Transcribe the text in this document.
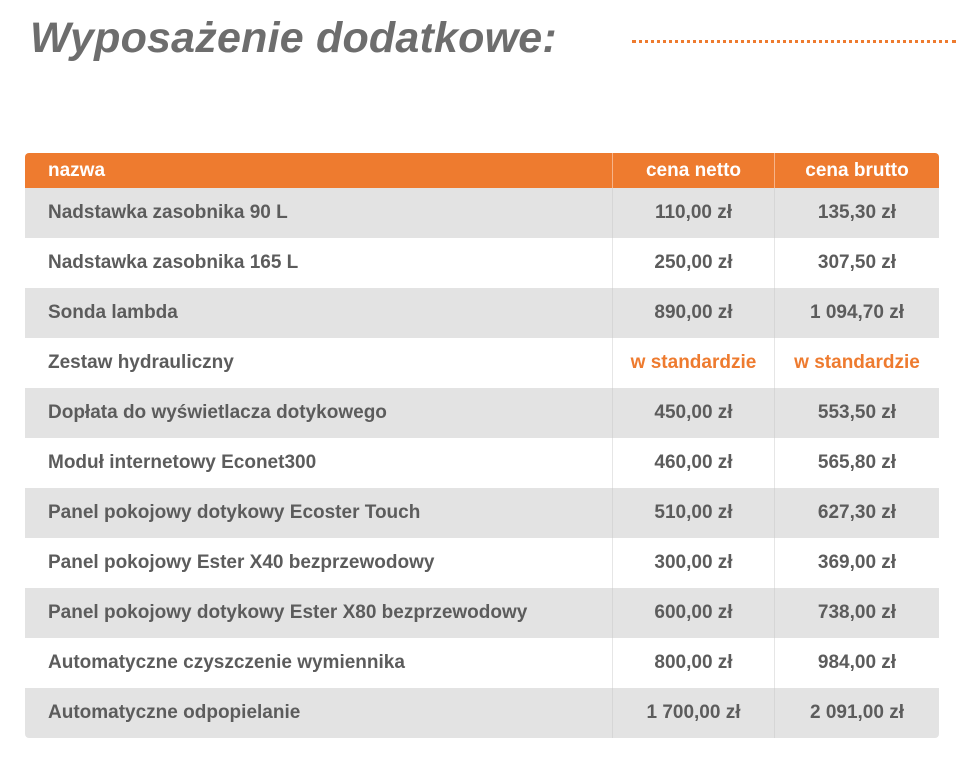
Wyposażenie dodatkowe:
nazwa	cena netto	cena brutto
Nadstawka zasobnika 90 L	110,00 zł	135,30 zł
Nadstawka zasobnika 165 L	250,00 zł	307,50 zł
Sonda lambda	890,00 zł	1 094,70 zł
Zestaw hydrauliczny	w standardzie	w standardzie
Dopłata do wyświetlacza dotykowego	450,00 zł	553,50 zł
Moduł internetowy Econet300	460,00 zł	565,80 zł
Panel pokojowy dotykowy Ecoster Touch	510,00 zł	627,30 zł
Panel pokojowy Ester X40 bezprzewodowy	300,00 zł	369,00 zł
Panel pokojowy dotykowy Ester X80 bezprzewodowy	600,00 zł	738,00 zł
Automatyczne czyszczenie wymiennika	800,00 zł	984,00 zł
Automatyczne odpopielanie	1 700,00 zł	2 091,00 zł
